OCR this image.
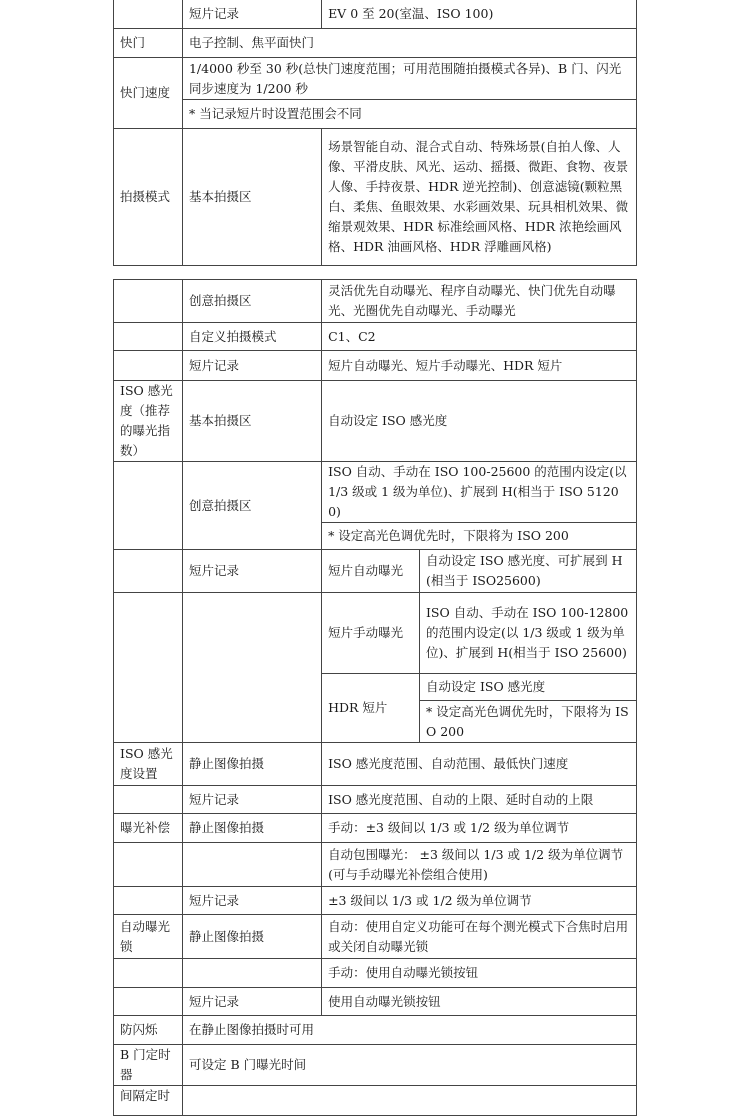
	短片记录	EV 0 至 20(室温、ISO 100)
快门	电子控制、焦平面快门	
快门速度	1/4000 秒至 30 秒(总快门速度范围；可用范围随拍摄模式各异)、B 门、闪光同步速度为 1/200 秒	
	* 当记录短片时设置范围会不同	
拍摄模式	基本拍摄区	场景智能自动、混合式自动、特殊场景(自拍人像、人像、平滑皮肤、风光、运动、摇摄、微距、食物、夜景人像、手持夜景、HDR 逆光控制)、创意滤镜(颗粒黑白、柔焦、鱼眼效果、水彩画效果、玩具相机效果、微缩景观效果、HDR 标准绘画风格、HDR 浓艳绘画风格、HDR 油画风格、HDR 浮雕画风格)
	创意拍摄区	灵活优先自动曝光、程序自动曝光、快门优先自动曝光、光圈优先自动曝光、手动曝光	
	自定义拍摄模式	C1、C2	
	短片记录	短片自动曝光、短片手动曝光、HDR 短片	
ISO 感光度（推荐的曝光指数）	基本拍摄区	自动设定 ISO 感光度	
	创意拍摄区	ISO 自动、手动在 ISO 100-25600 的范围内设定(以 1/3 级或 1 级为单位)、扩展到 H(相当于 ISO 51200)	
		* 设定高光色调优先时，下限将为 ISO 200	
	短片记录	短片自动曝光	自动设定 ISO 感光度、可扩展到 H(相当于 ISO25600)
		短片手动曝光	ISO 自动、手动在 ISO 100-12800 的范围内设定(以 1/3 级或 1 级为单位)、扩展到 H(相当于 ISO 25600)
		HDR 短片	自动设定 ISO 感光度
			* 设定高光色调优先时，下限将为 ISO 200
ISO 感光度设置	静止图像拍摄	ISO 感光度范围、自动范围、最低快门速度	
	短片记录	ISO 感光度范围、自动的上限、延时自动的上限	
曝光补偿	静止图像拍摄	手动：±3 级间以 1/3 或 1/2 级为单位调节	
		自动包围曝光： ±3 级间以 1/3 或 1/2 级为单位调节(可与手动曝光补偿组合使用)	
	短片记录	±3 级间以 1/3 或 1/2 级为单位调节	
自动曝光锁	静止图像拍摄	自动：使用自定义功能可在每个测光模式下合焦时启用或关闭自动曝光锁	
		手动：使用自动曝光锁按钮	
	短片记录	使用自动曝光锁按钮	
防闪烁	在静止图像拍摄时可用		
B 门定时器	可设定 B 门曝光时间		
间隔定时			
